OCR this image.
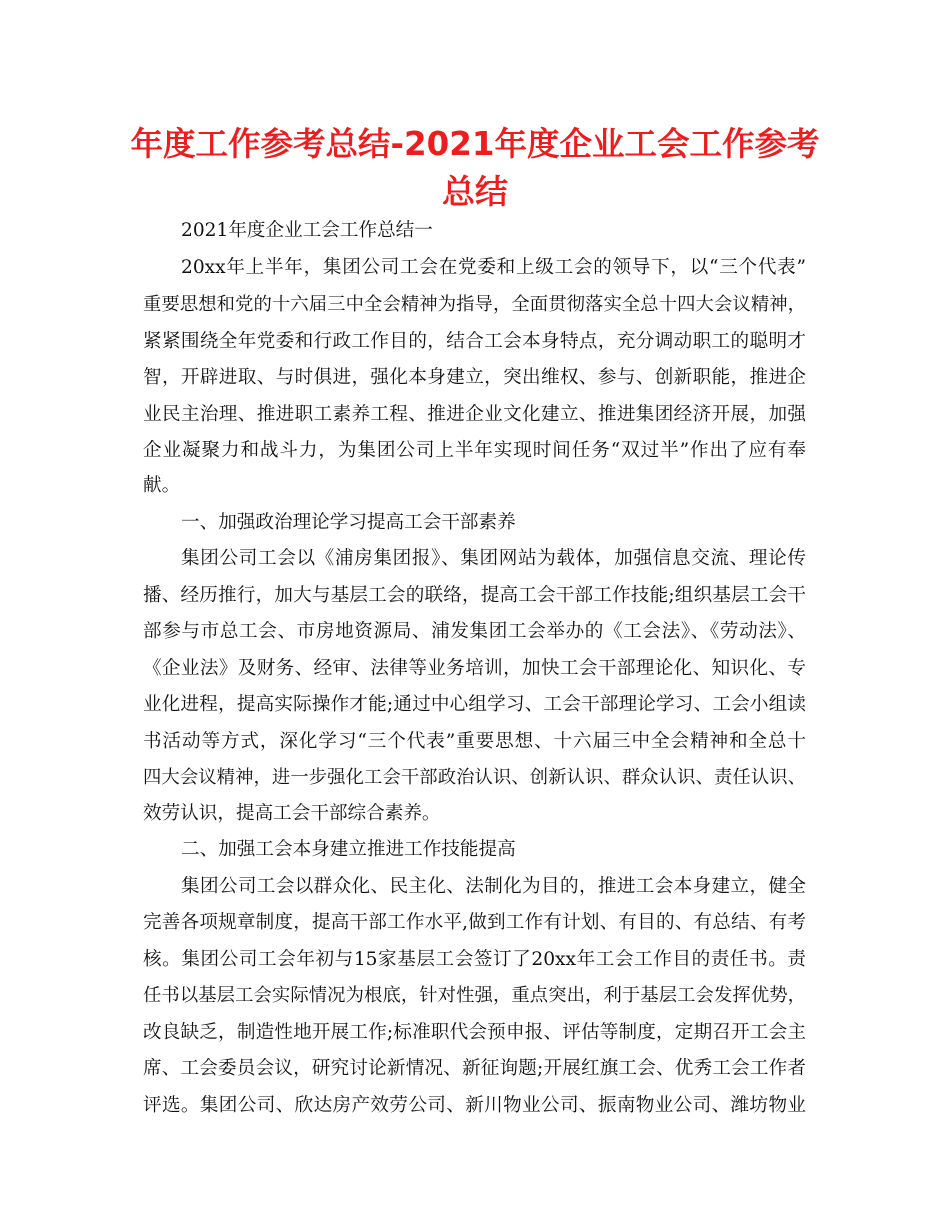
年度工作参考总结-2021年度企业工会工作参考
总结
2021年度企业工会工作总结一
20xx年上半年，集团公司工会在党委和上级工会的领导下，以“三个代表”
重要思想和党的十六届三中全会精神为指导，全面贯彻落实全总十四大会议精神，
紧紧围绕全年党委和行政工作目的，结合工会本身特点，充分调动职工的聪明才
智，开辟进取、与时俱进，强化本身建立，突出维权、参与、创新职能，推进企
业民主治理、推进职工素养工程、推进企业文化建立、推进集团经济开展，加强
企业凝聚力和战斗力，为集团公司上半年实现时间任务“双过半”作出了应有奉
献。
一、加强政治理论学习提高工会干部素养
集团公司工会以《浦房集团报》、集团网站为载体，加强信息交流、理论传
播、经历推行，加大与基层工会的联络，提高工会干部工作技能;组织基层工会干
部参与市总工会、市房地资源局、浦发集团工会举办的《工会法》、《劳动法》、
《企业法》及财务、经审、法律等业务培训，加快工会干部理论化、知识化、专
业化进程，提高实际操作才能;通过中心组学习、工会干部理论学习、工会小组读
书活动等方式，深化学习“三个代表”重要思想、十六届三中全会精神和全总十
四大会议精神，进一步强化工会干部政治认识、创新认识、群众认识、责任认识、
效劳认识，提高工会干部综合素养。
二、加强工会本身建立推进工作技能提高
集团公司工会以群众化、民主化、法制化为目的，推进工会本身建立，健全
完善各项规章制度，提高干部工作水平,做到工作有计划、有目的、有总结、有考
核。集团公司工会年初与15家基层工会签订了20xx年工会工作目的责任书。责
任书以基层工会实际情况为根底，针对性强，重点突出，利于基层工会发挥优势，
改良缺乏，制造性地开展工作;标准职代会预申报、评估等制度，定期召开工会主
席、工会委员会议，研究讨论新情况、新征询题;开展红旗工会、优秀工会工作者
评选。集团公司、欣达房产效劳公司、新川物业公司、振南物业公司、潍坊物业
